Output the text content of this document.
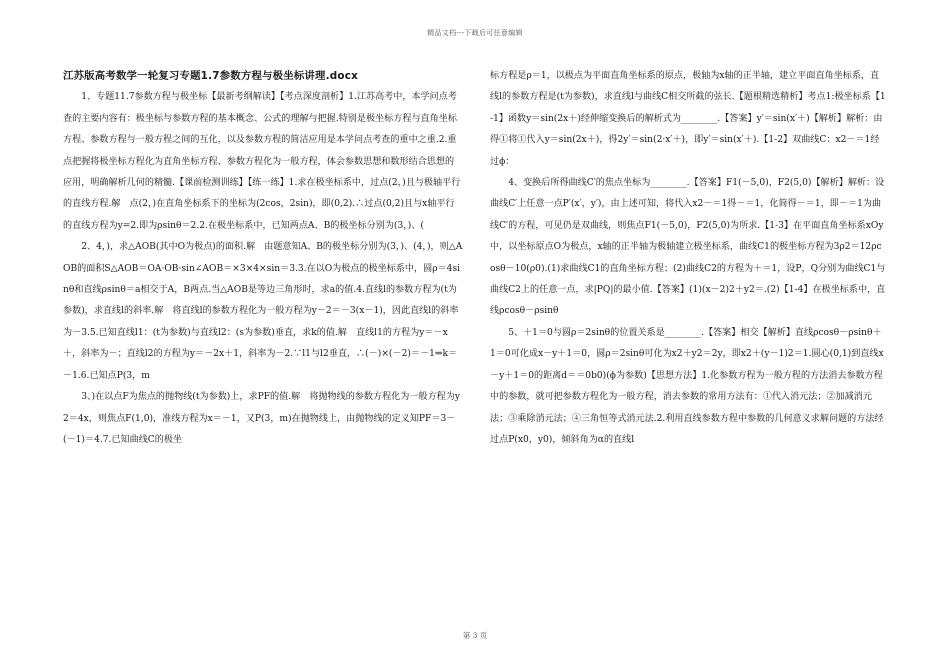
精品文档---下载后可任意编辑

江苏版高考数学一轮复习专题1.7参数方程与极坐标讲理.docx

1、专题11.7参数方程与极坐标【最新考纲解读】【考点深度剖析】1.江苏高考中，本学问点考查的主要内容有：极坐标与参数方程的基本概念、公式的理解与把握.特别是极坐标方程与直角坐标方程、参数方程与一般方程之间的互化，以及参数方程的简洁应用是本学问点考查的重中之重.2.重点把握将极坐标方程化为直角坐标方程、参数方程化为一般方程，体会参数思想和数形结合思想的应用，明确解析几何的精髓.【课前检测训练】【练一练】1.求在极坐标系中，过点(2，)且与极轴平行的直线方程.解　点(2，)在直角坐标系下的坐标为(2cos，2sin)，即(0,2).∴过点(0,2)且与x轴平行的直线方程为y=2.即为ρsinθ＝2.2.在极坐标系中，已知两点A、B的极坐标分别为(3，)、(

2、4，)，求△AOB(其中O为极点)的面积.解　由题意知A、B的极坐标分别为(3，)、(4，)，则△AOB的面积S△AOB＝OA·OB·sin∠AOB＝×3×4×sin＝3.3.在以O为极点的极坐标系中，圆ρ＝4sinθ和直线ρsinθ＝a相交于A，B两点.当△AOB是等边三角形时，求a的值.4.直线l的参数方程为(t为参数)，求直线l的斜率.解　将直线l的参数方程化为一般方程为y－2＝－3(x－1)，因此直线l的斜率为－3.5.已知直线l1：(t为参数)与直线l2：(s为参数)垂直，求k的值.解　直线l1的方程为y＝－x＋，斜率为－；直线l2的方程为y＝－2x＋1，斜率为－2.∵l1与l2垂直，∴(－)×(－2)＝－1⇒k＝－1.6.已知点P(3，m

3、)在以点F为焦点的抛物线(t为参数)上，求PF的值.解　将抛物线的参数方程化为一般方程为y2＝4x，则焦点F(1,0)，准线方程为x＝－1，又P(3，m)在抛物线上，由抛物线的定义知PF＝3－(－1)＝4.7.已知曲线C的极坐

标方程是ρ＝1，以极点为平面直角坐标系的原点，极轴为x轴的正半轴，建立平面直角坐标系，直线l的参数方程是(t为参数)，求直线l与曲线C相交所截的弦长.【题根精选精析】考点1:极坐标系【1-1】函数y＝sin(2x＋)经伸缩变换后的解析式为________.【答案】y′＝sin(x′＋)【解析】解析：由得①将①代入y＝sin(2x＋)，得2y′＝sin(2·x′＋)，即y′＝sin(x′＋).【1-2】双曲线C：x2－＝1经过ϕ：

4、变换后所得曲线C′的焦点坐标为________.【答案】F1(－5,0)，F2(5,0)【解析】解析：设曲线C′上任意一点P′(x′，y′)，由上述可知，将代入x2－＝1得－＝1，化简得－＝1，即－＝1为曲线C′的方程，可见仍是双曲线，则焦点F1(－5,0)，F2(5,0)为所求.【1-3】在平面直角坐标系xOy中，以坐标原点O为极点，x轴的正半轴为极轴建立极坐标系，曲线C1的极坐标方程为3ρ2＝12ρcosθ－10(ρ0).(1)求曲线C1的直角坐标方程；(2)曲线C2的方程为＋＝1，设P，Q分别为曲线C1与曲线C2上的任意一点，求|PQ|的最小值.【答案】(1)(x－2)2＋y2＝.(2)【1-4】在极坐标系中，直线ρcosθ－ρsinθ

5、＋1＝0与圆ρ＝2sinθ的位置关系是________.【答案】相交【解析】直线ρcosθ－ρsinθ＋1＝0可化成x－y＋1＝0，圆ρ＝2sinθ可化为x2＋y2＝2y，即x2＋(y－1)2＝1.圆心(0,1)到直线x－y＋1＝0的距离d＝＝0b0)(ϕ为参数)【思想方法】1.化参数方程为一般方程的方法消去参数方程中的参数，就可把参数方程化为一般方程，消去参数的常用方法有：①代入消元法；②加减消元法；③乘除消元法；④三角恒等式消元法.2.利用直线参数方程中参数的几何意义求解问题的方法经过点P(x0，y0)，倾斜角为α的直线l

第 3 页
